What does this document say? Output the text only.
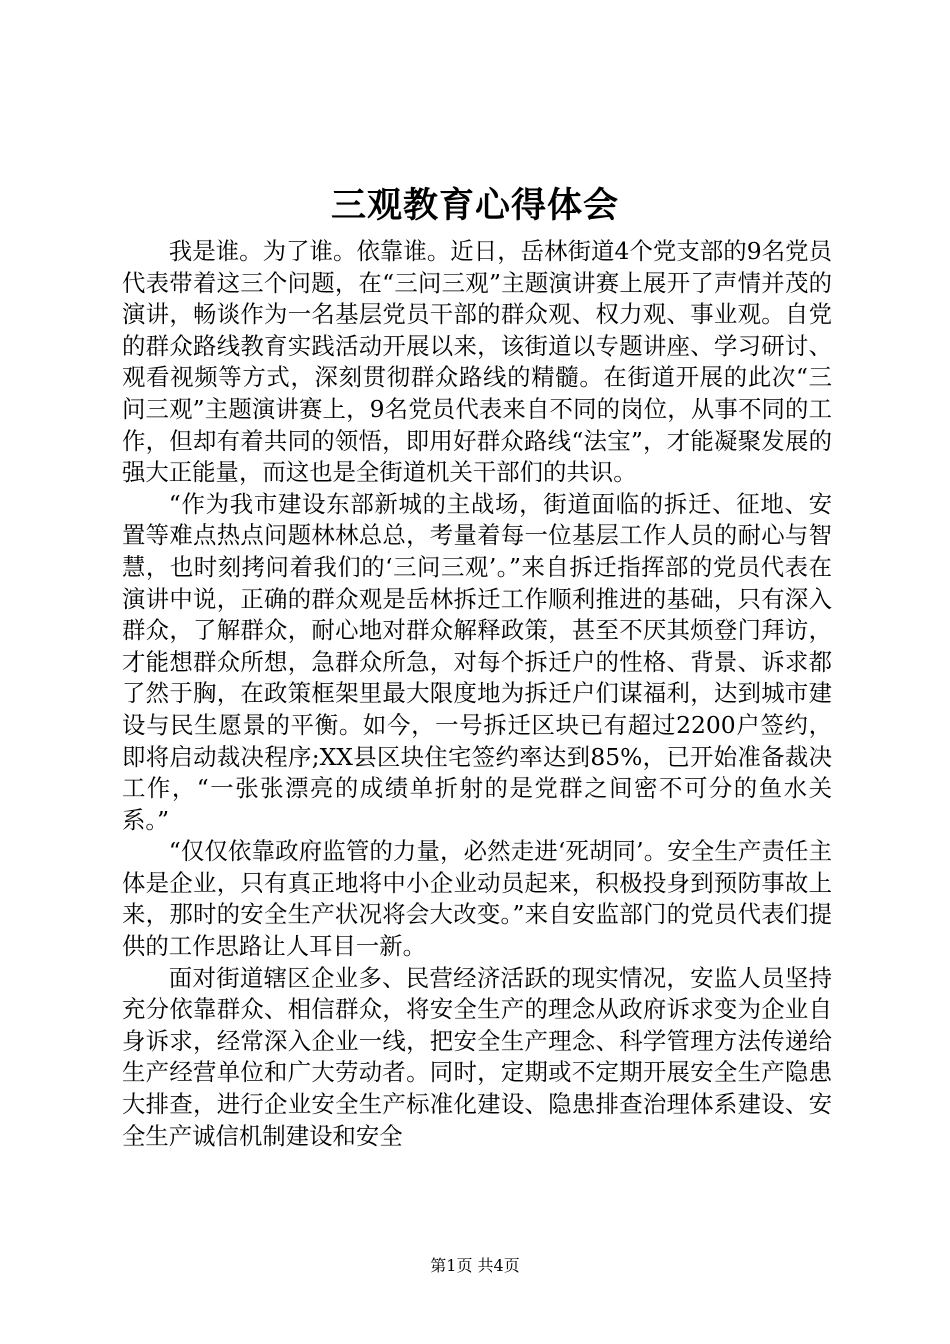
三观教育心得体会

我是谁。为了谁。依靠谁。近日，岳林街道4个党支部的9名党员代表带着这三个问题，在“三问三观”主题演讲赛上展开了声情并茂的演讲，畅谈作为一名基层党员干部的群众观、权力观、事业观。自党的群众路线教育实践活动开展以来，该街道以专题讲座、学习研讨、观看视频等方式，深刻贯彻群众路线的精髓。在街道开展的此次“三问三观”主题演讲赛上，9名党员代表来自不同的岗位，从事不同的工作，但却有着共同的领悟，即用好群众路线“法宝”，才能凝聚发展的强大正能量，而这也是全街道机关干部们的共识。

“作为我市建设东部新城的主战场，街道面临的拆迁、征地、安置等难点热点问题林林总总，考量着每一位基层工作人员的耐心与智慧，也时刻拷问着我们的‘三问三观’。”来自拆迁指挥部的党员代表在演讲中说，正确的群众观是岳林拆迁工作顺利推进的基础，只有深入群众，了解群众，耐心地对群众解释政策，甚至不厌其烦登门拜访，才能想群众所想，急群众所急，对每个拆迁户的性格、背景、诉求都了然于胸，在政策框架里最大限度地为拆迁户们谋福利，达到城市建设与民生愿景的平衡。如今，一号拆迁区块已有超过2200户签约，即将启动裁决程序;XX县区块住宅签约率达到85%，已开始准备裁决工作，“一张张漂亮的成绩单折射的是党群之间密不可分的鱼水关系。”

“仅仅依靠政府监管的力量，必然走进‘死胡同’。安全生产责任主体是企业，只有真正地将中小企业动员起来，积极投身到预防事故上来，那时的安全生产状况将会大改变。”来自安监部门的党员代表们提供的工作思路让人耳目一新。

面对街道辖区企业多、民营经济活跃的现实情况，安监人员坚持充分依靠群众、相信群众，将安全生产的理念从政府诉求变为企业自身诉求，经常深入企业一线，把安全生产理念、科学管理方法传递给生产经营单位和广大劳动者。同时，定期或不定期开展安全生产隐患大排查，进行企业安全生产标准化建设、隐患排查治理体系建设、安全生产诚信机制建设和安全

第1页 共4页
